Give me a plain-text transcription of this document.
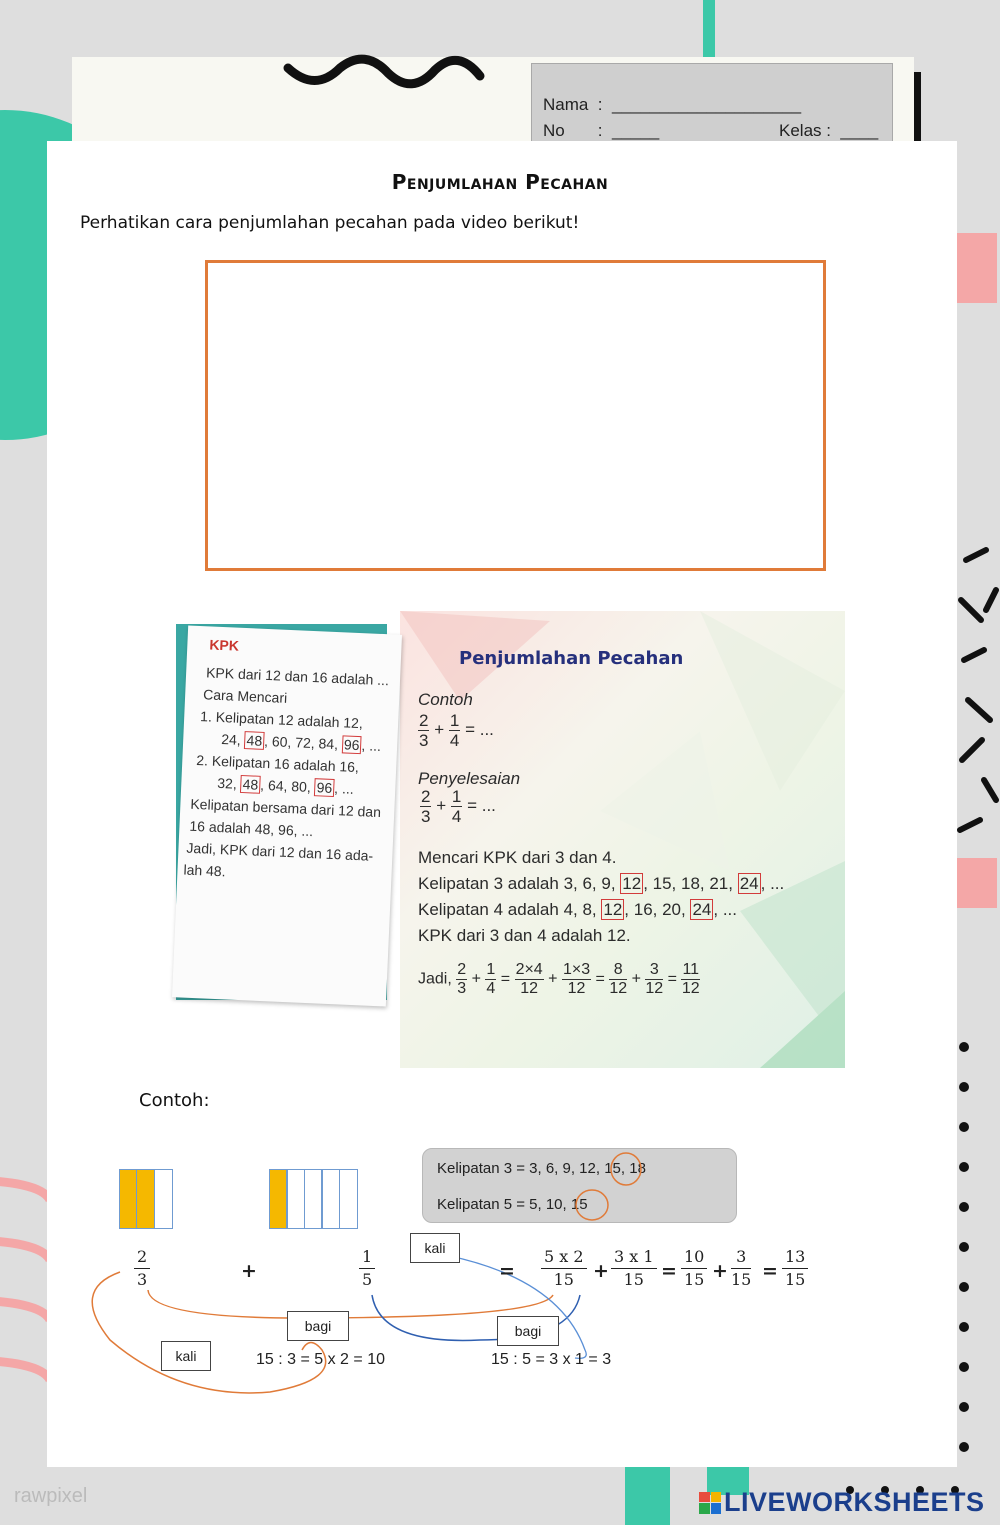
Nama  :  ____________________
No       :  _____	Kelas :  ____
Penjumlahan Pecahan
Perhatikan cara penjumlahan pecahan pada video berikut!
KPK
KPK dari 12 dan 16 adalah ...
Cara Mencari
1. Kelipatan 12 adalah 12,
24, 48, 60, 72, 84, 96, ...
2. Kelipatan 16 adalah 16,
32, 48, 64, 80, 96, ...
Kelipatan bersama dari 12 dan
16 adalah 48, 96, ...
Jadi, KPK dari 12 dan 16 ada-
lah 48.
Penjumlahan Pecahan
Contoh
$\frac{2}{3} + \frac{1}{4}$ = ...
Penyelesaian
$\frac{2}{3} + \frac{1}{4}$ = ...
Mencari KPK dari 3 dan 4.
Kelipatan 3 adalah 3, 6, 9, 12 , 15, 18, 21, 24 , ...
Kelipatan 4 adalah 4, 8, 12 , 16, 20, 24 , ...
KPK dari 3 dan 4 adalah 12.
Jadi, $\frac{2}{3} + \frac{1}{4} = \frac{2\times 4}{12} + \frac{1\times 3}{12} = \frac{8}{12} + \frac{3}{12} = \frac{11}{12}$
Contoh:
Kelipatan 3 = 3, 6, 9, 12, 15, 18
Kelipatan 5 = 5, 10, 15
2
3	+
1
5	=
5 x 2
15	+
3 x 1
15 =
10
15 +
3
15 =
13
15
kali
bagi	bagi
kali	15 : 3 = 5 x 2 = 10	15 : 5 = 3 x 1 = 3
rawpixel	LIVEWORKSHEETS
